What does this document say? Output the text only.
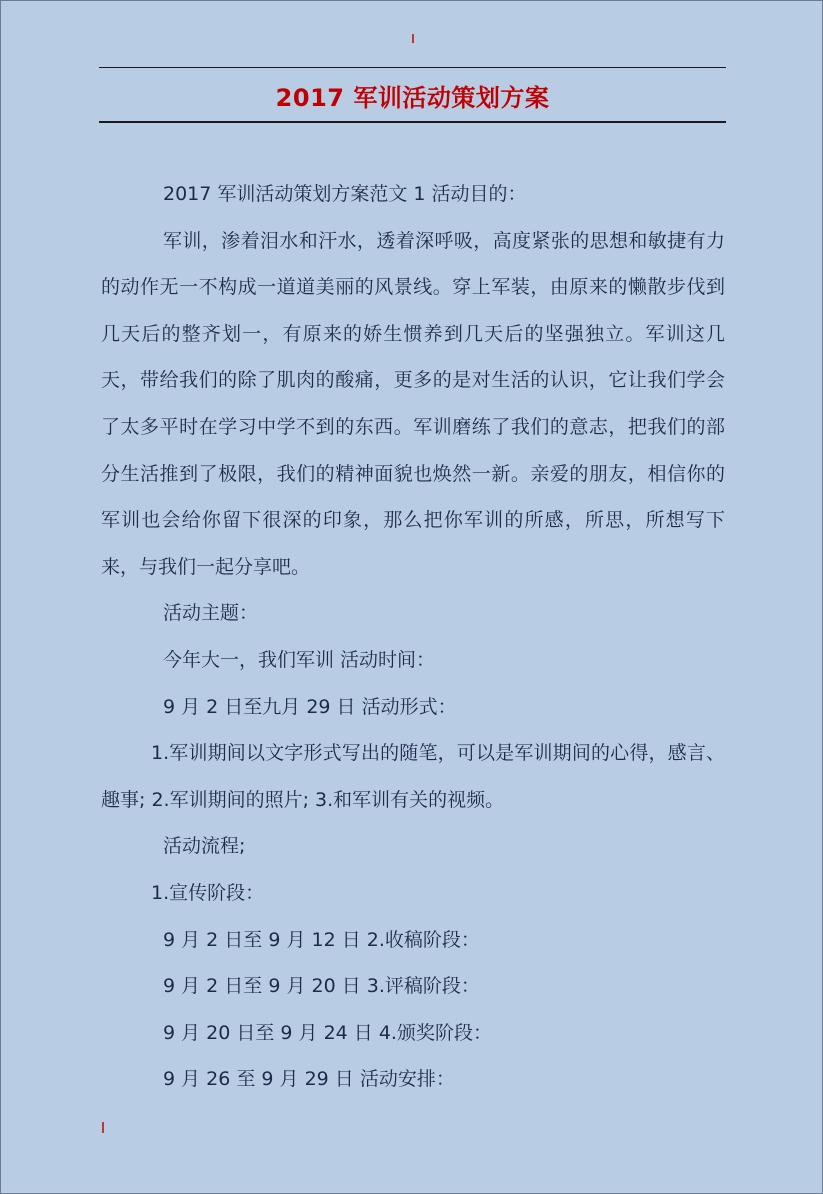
2017 军训活动策划方案

2017 军训活动策划方案范文 1 活动目的：

军训，渗着泪水和汗水，透着深呼吸，高度紧张的思想和敏捷有力的动作无一不构成一道道美丽的风景线。穿上军装，由原来的懒散步伐到几天后的整齐划一，有原来的娇生惯养到几天后的坚强独立。军训这几天，带给我们的除了肌肉的酸痛，更多的是对生活的认识，它让我们学会了太多平时在学习中学不到的东西。军训磨练了我们的意志，把我们的部分生活推到了极限，我们的精神面貌也焕然一新。亲爱的朋友，相信你的军训也会给你留下很深的印象，那么把你军训的所感，所思，所想写下来，与我们一起分享吧。

活动主题：

今年大一，我们军训 活动时间：

9 月 2 日至九月 29 日 活动形式：

1.军训期间以文字形式写出的随笔，可以是军训期间的心得，感言、趣事; 2.军训期间的照片; 3.和军训有关的视频。

活动流程;

1.宣传阶段：

9 月 2 日至 9 月 12 日 2.收稿阶段：

9 月 2 日至 9 月 20 日 3.评稿阶段：

9 月 20 日至 9 月 24 日 4.颁奖阶段：

9 月 26 至 9 月 29 日 活动安排：
